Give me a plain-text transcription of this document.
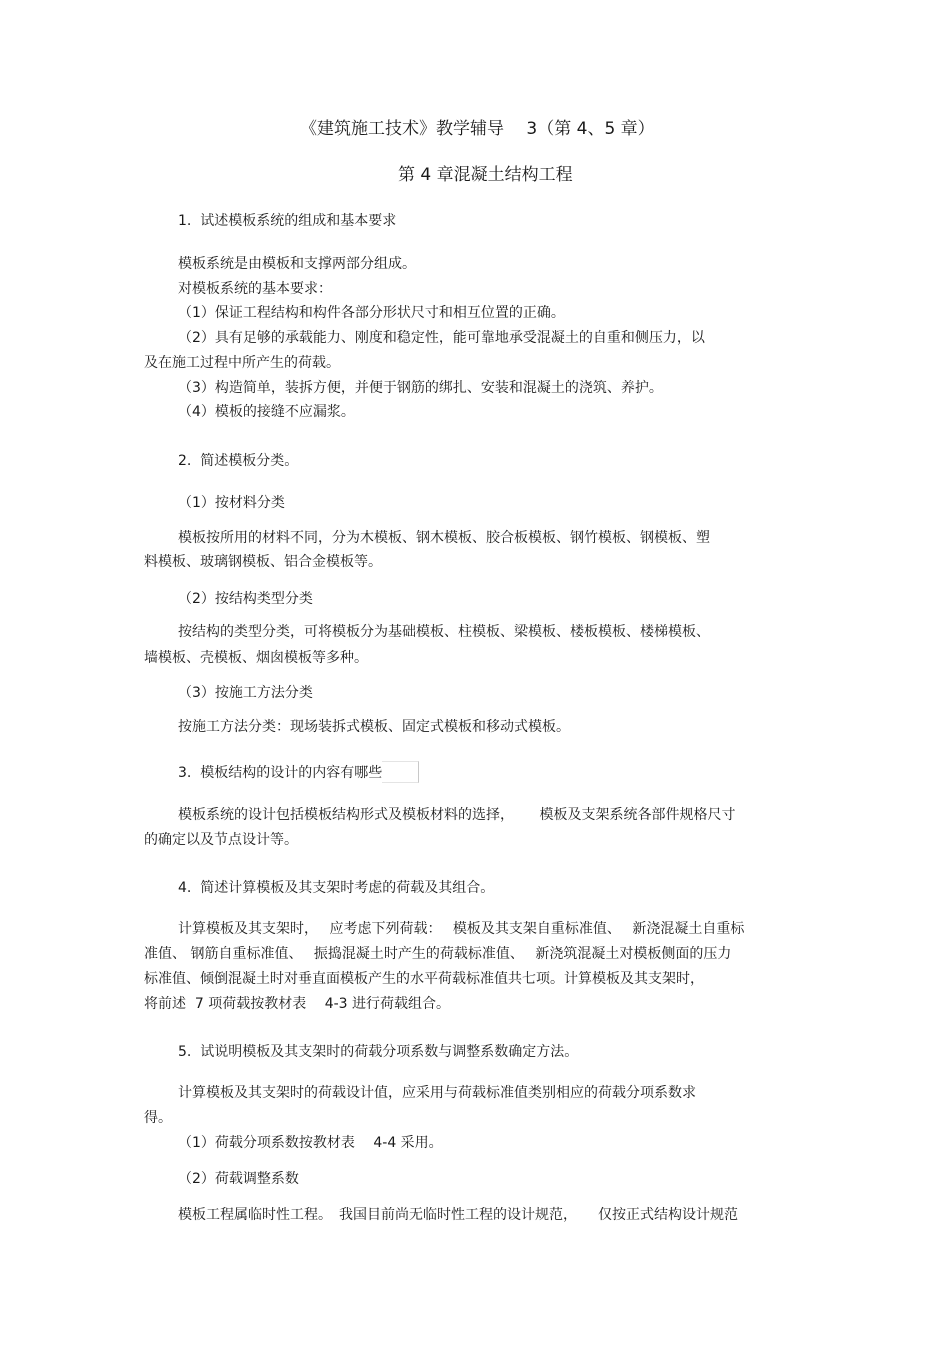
《建筑施工技术》教学辅导　 3（第 4、5 章）
第 4 章混凝土结构工程
1.  试述模板系统的组成和基本要求
模板系统是由模板和支撑两部分组成。
对模板系统的基本要求：
（1）保证工程结构和构件各部分形状尺寸和相互位置的正确。
（2）具有足够的承载能力、刚度和稳定性，能可靠地承受混凝土的自重和侧压力，以
及在施工过程中所产生的荷载。
（3）构造简单，装拆方便，并便于钢筋的绑扎、安装和混凝土的浇筑、养护。
（4）模板的接缝不应漏浆。
2.  简述模板分类。
（1）按材料分类
模板按所用的材料不同，分为木模板、钢木模板、胶合板模板、钢竹模板、钢模板、塑
料模板、玻璃钢模板、铝合金模板等。
（2）按结构类型分类
按结构的类型分类，可将模板分为基础模板、柱模板、梁模板、楼板模板、楼梯模板、
墙模板、壳模板、烟囱模板等多种。
（3）按施工方法分类
按施工方法分类：现场装拆式模板、固定式模板和移动式模板。
3.  模板结构的设计的内容有哪些
模板系统的设计包括模板结构形式及模板材料的选择，　　 模板及支架系统各部件规格尺寸
的确定以及节点设计等。
4.  简述计算模板及其支架时考虑的荷载及其组合。
计算模板及其支架时，　 应考虑下列荷载：　 模板及其支架自重标准值、　 新浇混凝土自重标
准值、 钢筋自重标准值、　 振捣混凝土时产生的荷载标准值、　 新浇筑混凝土对模板侧面的压力
标准值、倾倒混凝土时对垂直面模板产生的水平荷载标准值共七项。计算模板及其支架时，
将前述  7 项荷载按教材表　 4-3 进行荷载组合。
5.  试说明模板及其支架时的荷载分项系数与调整系数确定方法。
计算模板及其支架时的荷载设计值，应采用与荷载标准值类别相应的荷载分项系数求
得。
（1）荷载分项系数按教材表　 4-4 采用。
（2）荷载调整系数
模板工程属临时性工程。　我国目前尚无临时性工程的设计规范，　　仅按正式结构设计规范
